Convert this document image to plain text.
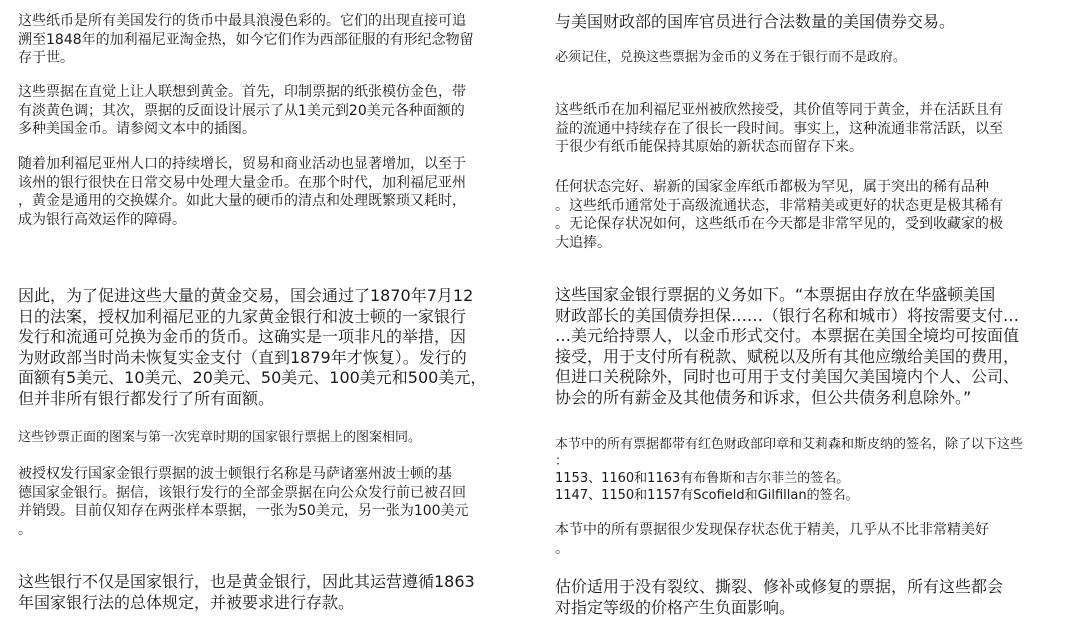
这些纸币是所有美国发行的货币中最具浪漫色彩的。它们的出现直接可追
溯至1848年的加利福尼亚淘金热，如今它们作为西部征服的有形纪念物留
存于世。

这些票据在直觉上让人联想到黄金。首先，印制票据的纸张模仿金色，带
有淡黄色调；其次，票据的反面设计展示了从1美元到20美元各种面额的
多种美国金币。请参阅文本中的插图。

随着加利福尼亚州人口的持续增长，贸易和商业活动也显著增加，以至于
该州的银行很快在日常交易中处理大量金币。在那个时代，加利福尼亚州
，黄金是通用的交换媒介。如此大量的硬币的清点和处理既繁琐又耗时，
成为银行高效运作的障碍。

因此，为了促进这些大量的黄金交易，国会通过了1870年7月12
日的法案，授权加利福尼亚的九家黄金银行和波士顿的一家银行
发行和流通可兑换为金币的货币。这确实是一项非凡的举措，因
为财政部当时尚未恢复实金支付（直到1879年才恢复）。发行的
面额有5美元、10美元、20美元、50美元、100美元和500美元，
但并非所有银行都发行了所有面额。

这些钞票正面的图案与第一次宪章时期的国家银行票据上的图案相同。

被授权发行国家金银行票据的波士顿银行名称是马萨诸塞州波士顿的基
德国家金银行。据信，该银行发行的全部金票据在向公众发行前已被召回
并销毁。目前仅知存在两张样本票据，一张为50美元，另一张为100美元
。

这些银行不仅是国家银行，也是黄金银行，因此其运营遵循1863
年国家银行法的总体规定，并被要求进行存款。

与美国财政部的国库官员进行合法数量的美国债券交易。

必须记住，兑换这些票据为金币的义务在于银行而不是政府。

这些纸币在加利福尼亚州被欣然接受，其价值等同于黄金，并在活跃且有
益的流通中持续存在了很长一段时间。事实上，这种流通非常活跃，以至
于很少有纸币能保持其原始的新状态而留存下来。

任何状态完好、崭新的国家金库纸币都极为罕见，属于突出的稀有品种
。这些纸币通常处于高级流通状态，非常精美或更好的状态更是极其稀有
。无论保存状况如何，这些纸币在今天都是非常罕见的，受到收藏家的极
大追捧。

这些国家金银行票据的义务如下。“本票据由存放在华盛顿美国
财政部长的美国债券担保……（银行名称和城市）将按需要支付…
…美元给持票人，以金币形式交付。本票据在美国全境均可按面值
接受，用于支付所有税款、赋税以及所有其他应缴给美国的费用，
但进口关税除外，同时也可用于支付美国欠美国境内个人、公司、
协会的所有薪金及其他债务和诉求，但公共债务利息除外。”

本节中的所有票据都带有红色财政部印章和艾莉森和斯皮纳的签名，除了以下这些
：
1153、1160和1163有布鲁斯和吉尔菲兰的签名。
1147、1150和1157有Scofield和Gilfillan的签名。

本节中的所有票据很少发现保存状态优于精美，几乎从不比非常精美好
。

估价适用于没有裂纹、撕裂、修补或修复的票据，所有这些都会
对指定等级的价格产生负面影响。
